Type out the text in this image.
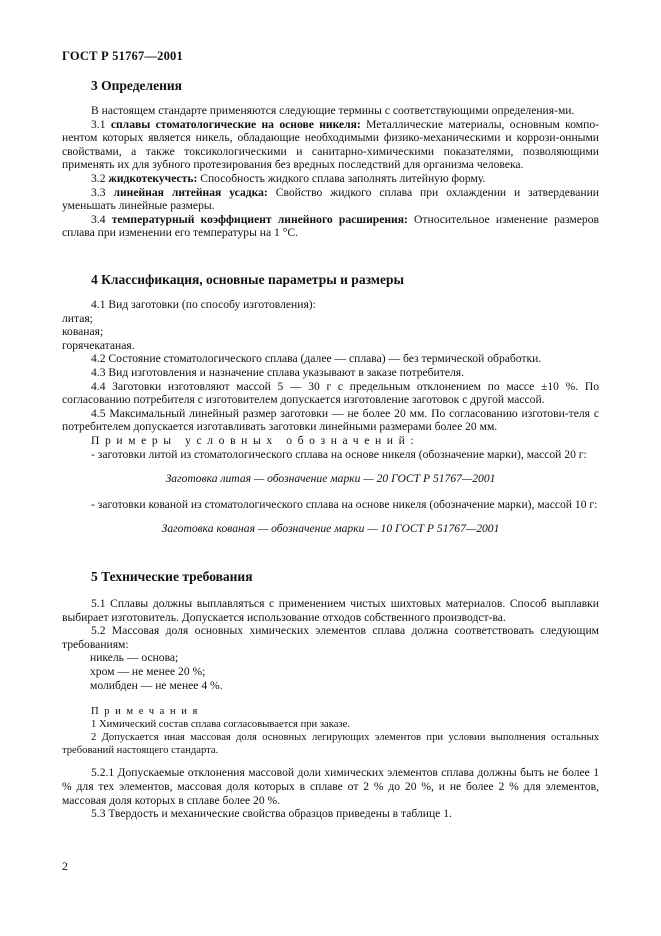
ГОСТ Р 51767—2001
3 Определения

В настоящем стандарте применяются следующие термины с соответствующими определения-ми.

3.1 сплавы стоматологические на основе никеля: Металлические материалы, основным компо-нентом которых является никель, обладающие необходимыми физико-механическими и коррози-онными свойствами, а также токсикологическими и санитарно-химическими показателями, позволяющими применять их для зубного протезирования без вредных последствий для организма человека.

3.2 жидкотекучесть: Способность жидкого сплава заполнять литейную форму.

3.3 линейная литейная усадка: Свойство жидкого сплава при охлаждении и затвердевании уменьшать линейные размеры.

3.4 температурный коэффициент линейного расширения: Относительное изменение размеров сплава при изменении его температуры на 1 °С.

4 Классификация, основные параметры и размеры

4.1 Вид заготовки (по способу изготовления):

литая;

кованая;

горячекатаная.

4.2 Состояние стоматологического сплава (далее — сплава) — без термической обработки.

4.3 Вид изготовления и назначение сплава указывают в заказе потребителя.

4.4 Заготовки изготовляют массой 5 — 30 г с предельным отклонением по массе ±10 %. По согласованию потребителя с изготовителем допускается изготовление заготовок с другой массой.

4.5 Максимальный линейный размер заготовки — не более 20 мм. По согласованию изготови-теля с потребителем допускается изготавливать заготовки линейными размерами более 20 мм.

Примеры условных обозначений:

- заготовки литой из стоматологического сплава на основе никеля (обозначение марки), массой 20 г:

Заготовка литая — обозначение марки — 20 ГОСТ Р 51767—2001

- заготовки кованой из стоматологического сплава на основе никеля (обозначение марки), массой 10 г:

Заготовка кованая — обозначение марки — 10 ГОСТ Р 51767—2001

5 Технические требования

5.1 Сплавы должны выплавляться с применением чистых шихтовых материалов. Способ выплавки выбирает изготовитель. Допускается использование отходов собственного производст-ва.

5.2 Массовая доля основных химических элементов сплава должна соответствовать следующим требованиям:

никель — основа;

хром — не менее 20 %;

молибден — не менее 4 %.

Примечания

1 Химический состав сплава согласовывается при заказе.

2 Допускается иная массовая доля основных легирующих элементов при условии выполнения остальных требований настоящего стандарта.

5.2.1 Допускаемые отклонения массовой доли химических элементов сплава должны быть не более 1 % для тех элементов, массовая доля которых в сплаве от 2 % до 20 %, и не более 2 % для элементов, массовая доля которых в сплаве более 20 %.

5.3 Твердость и механические свойства образцов приведены в таблице 1.

2
